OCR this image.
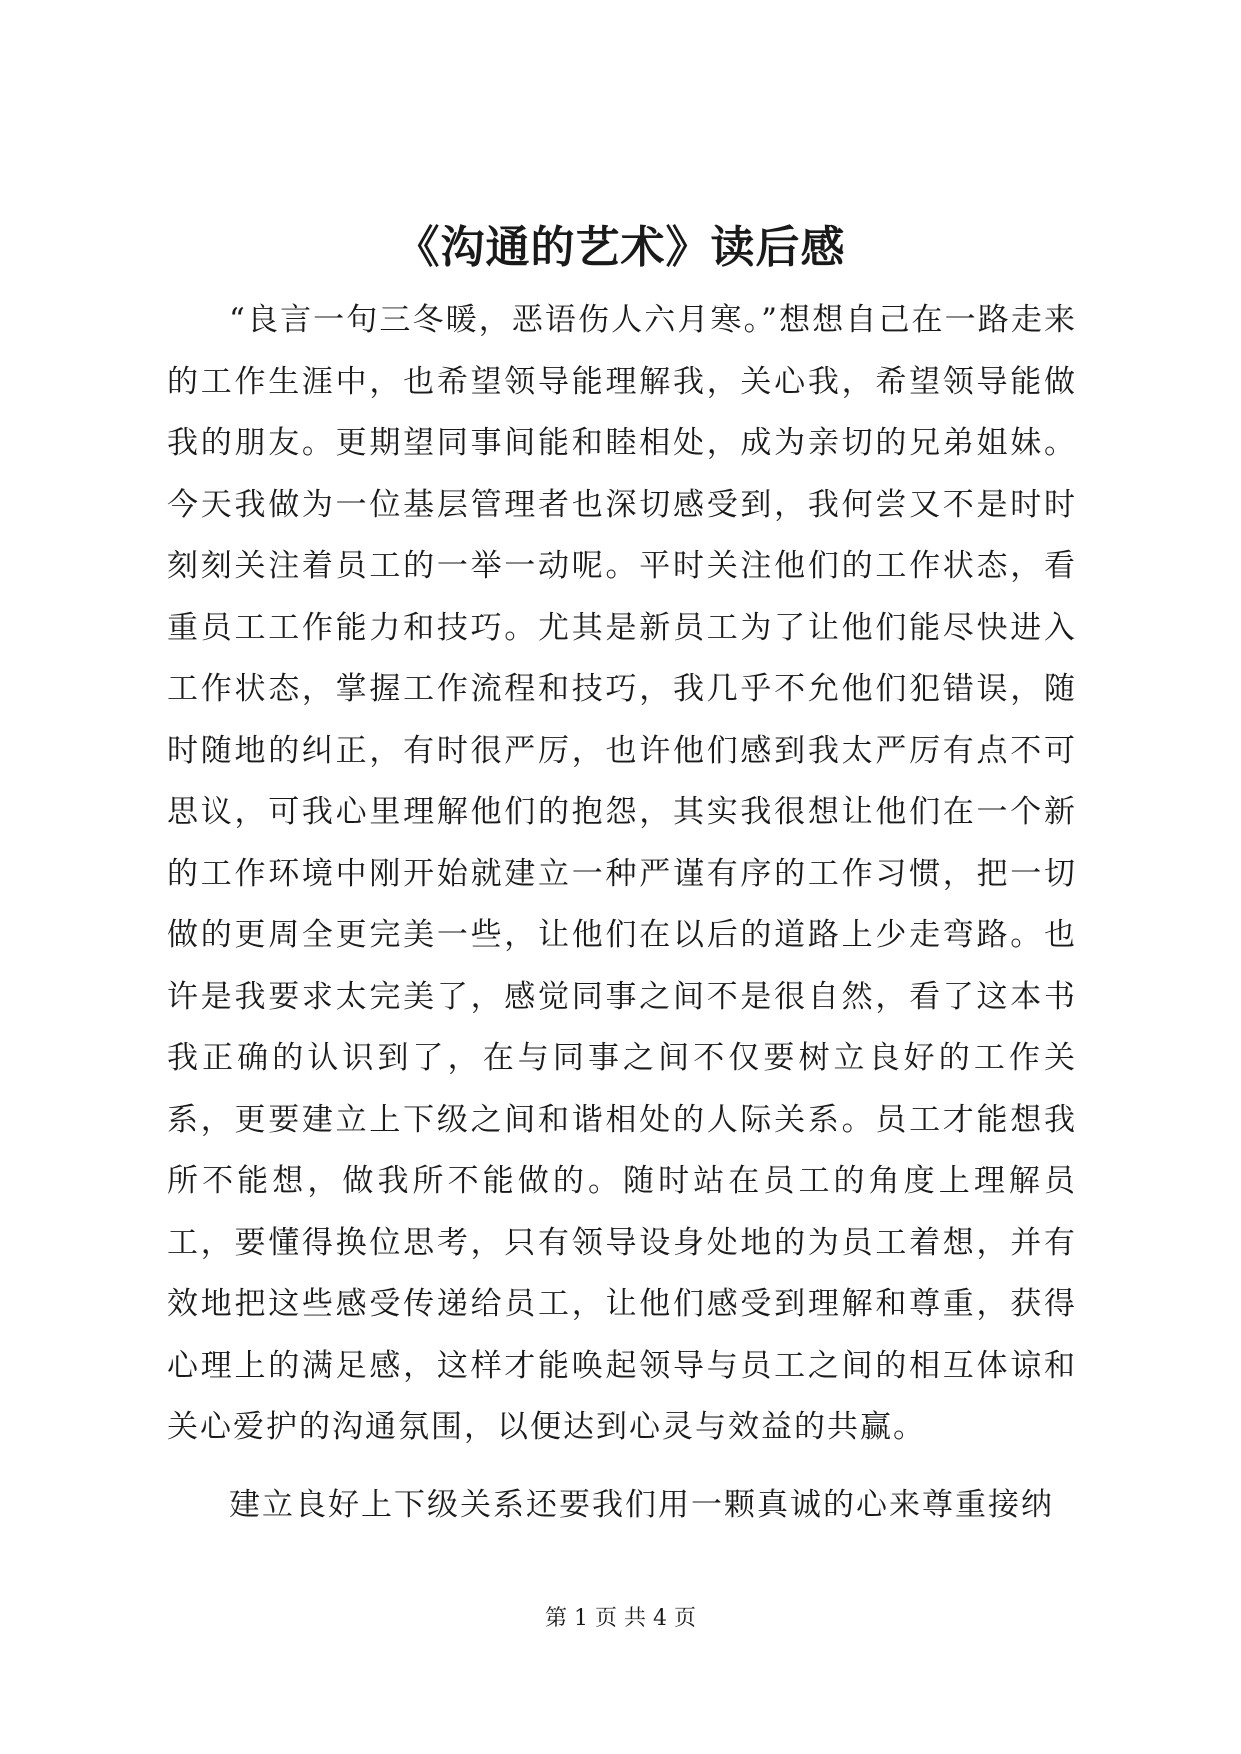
《沟通的艺术》读后感

“良言一句三冬暖，恶语伤人六月寒。”想想自己在一路走来的工作生涯中，也希望领导能理解我，关心我，希望领导能做我的朋友。更期望同事间能和睦相处，成为亲切的兄弟姐妹。今天我做为一位基层管理者也深切感受到，我何尝又不是时时刻刻关注着员工的一举一动呢。平时关注他们的工作状态，看重员工工作能力和技巧。尤其是新员工为了让他们能尽快进入工作状态，掌握工作流程和技巧，我几乎不允他们犯错误，随时随地的纠正，有时很严厉，也许他们感到我太严厉有点不可思议，可我心里理解他们的抱怨，其实我很想让他们在一个新的工作环境中刚开始就建立一种严谨有序的工作习惯，把一切做的更周全更完美一些，让他们在以后的道路上少走弯路。也许是我要求太完美了，感觉同事之间不是很自然，看了这本书我正确的认识到了，在与同事之间不仅要树立良好的工作关系，更要建立上下级之间和谐相处的人际关系。员工才能想我所不能想，做我所不能做的。随时站在员工的角度上理解员工，要懂得换位思考，只有领导设身处地的为员工着想，并有效地把这些感受传递给员工，让他们感受到理解和尊重，获得心理上的满足感，这样才能唤起领导与员工之间的相互体谅和关心爱护的沟通氛围，以便达到心灵与效益的共赢。

建立良好上下级关系还要我们用一颗真诚的心来尊重接纳

第 1 页 共 4 页
